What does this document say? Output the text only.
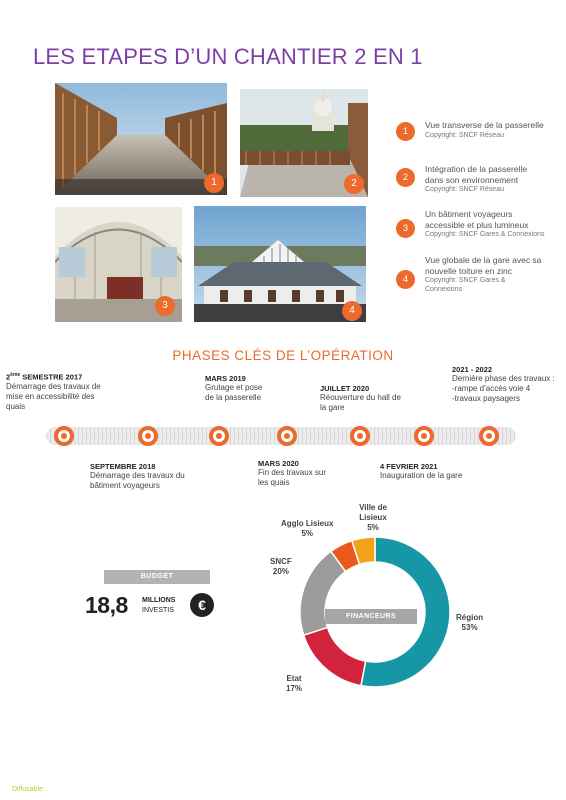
LES ETAPES D’UN CHANTIER 2 EN 1
1	2
3	4
1
Vue transverse de la passerelle
Copyright: SNCF Réseau
2
Intégration de la passerelle dans son environnement
Copyright: SNCF Réseau
3
Un bâtiment voyageurs accessible et plus lumineux
Copyright: SNCF Gares & Connexions
4
Vue globale de la gare avec sa nouvelle toiture en zinc
Copyright: SNCF Gares & Connexions
PHASES CLÉS DE L’OPÉRATION
2ème SEMESTRE 2017
Démarrage des travaux de mise en accessibilité des quais
MARS 2019
Grutage et pose de la passerelle
JUILLET 2020
Réouverture du hall de la gare
2021 - 2022
Dernière phase des travaux :
-rampe d’accès voie 4
-travaux paysagers
SEPTEMBRE 2018
Démarrage des travaux du bâtiment voyageurs
MARS 2020
Fin des travaux sur les quais
4 FEVRIER 2021
Inauguration de la gare
BUDGET
18,8 MILLIONS
INVESTIS	€
FINANCEURS	Région
53%
Etat
17%
SNCF
20%
Agglo Lisieux
5%
Ville de Lisieux
5%
Diffusable
